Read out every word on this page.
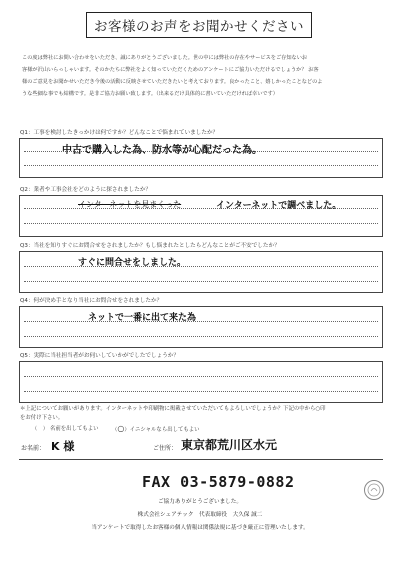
お客様のお声をお聞かせください

この度は弊社にお問い合わせをいただき、誠にありがとうございました。世の中には弊社の存在やサービスをご存知ないお

客様が沢山いらっしゃいます。そのかたちに弊社をよく知っていただくためのアンケートにご協力いただけるでしょうか？ お客

様のご意見をお聞かせいただき今後の活動に反映させていただきたいと考えております。良かったこと、嬉しかったことなどのよ

うな些細な事でも結構です。是非ご協力お願い致します。（出来るだけ具体的に書いていただければ幸いです）

Q1：工事を検討したきっかけは何ですか？どんなことで悩まれていましたか？
中古で購入した為、防水等が心配だった為。
Q2：業者や工事会社をどのように探されましたか？
インターネットを見まくった	インターネットで調べました。
Q3：当社を知りすぐにお問合せをされましたか？もし悩まれたとしたらどんなことがご不安でしたか？
すぐに問合せをしました。
Q4：何が決め手となり当社にお問合せをされましたか？
ネットで一番に出て来た為
Q5：実際に当社担当者がお伺いしていかがでしたでしょうか？
＊上記についてお願いがあります。インターネットや印刷物に掲載させていただいてもよろしいでしょうか？下記の中から○印
をお付け下さい。
（　） 名前を出してもよい （○）イニシャルなら出してもよい
お名前： K 様	ご住所： 東京都荒川区水元
FAX 03-5879-0882
ご協力ありがとうございました。
株式会社シェアテック　代表取締役　大久保 誠二
当アンケートで取得したお客様の個人情報は関係法規に基づき厳正に管理いたします。
